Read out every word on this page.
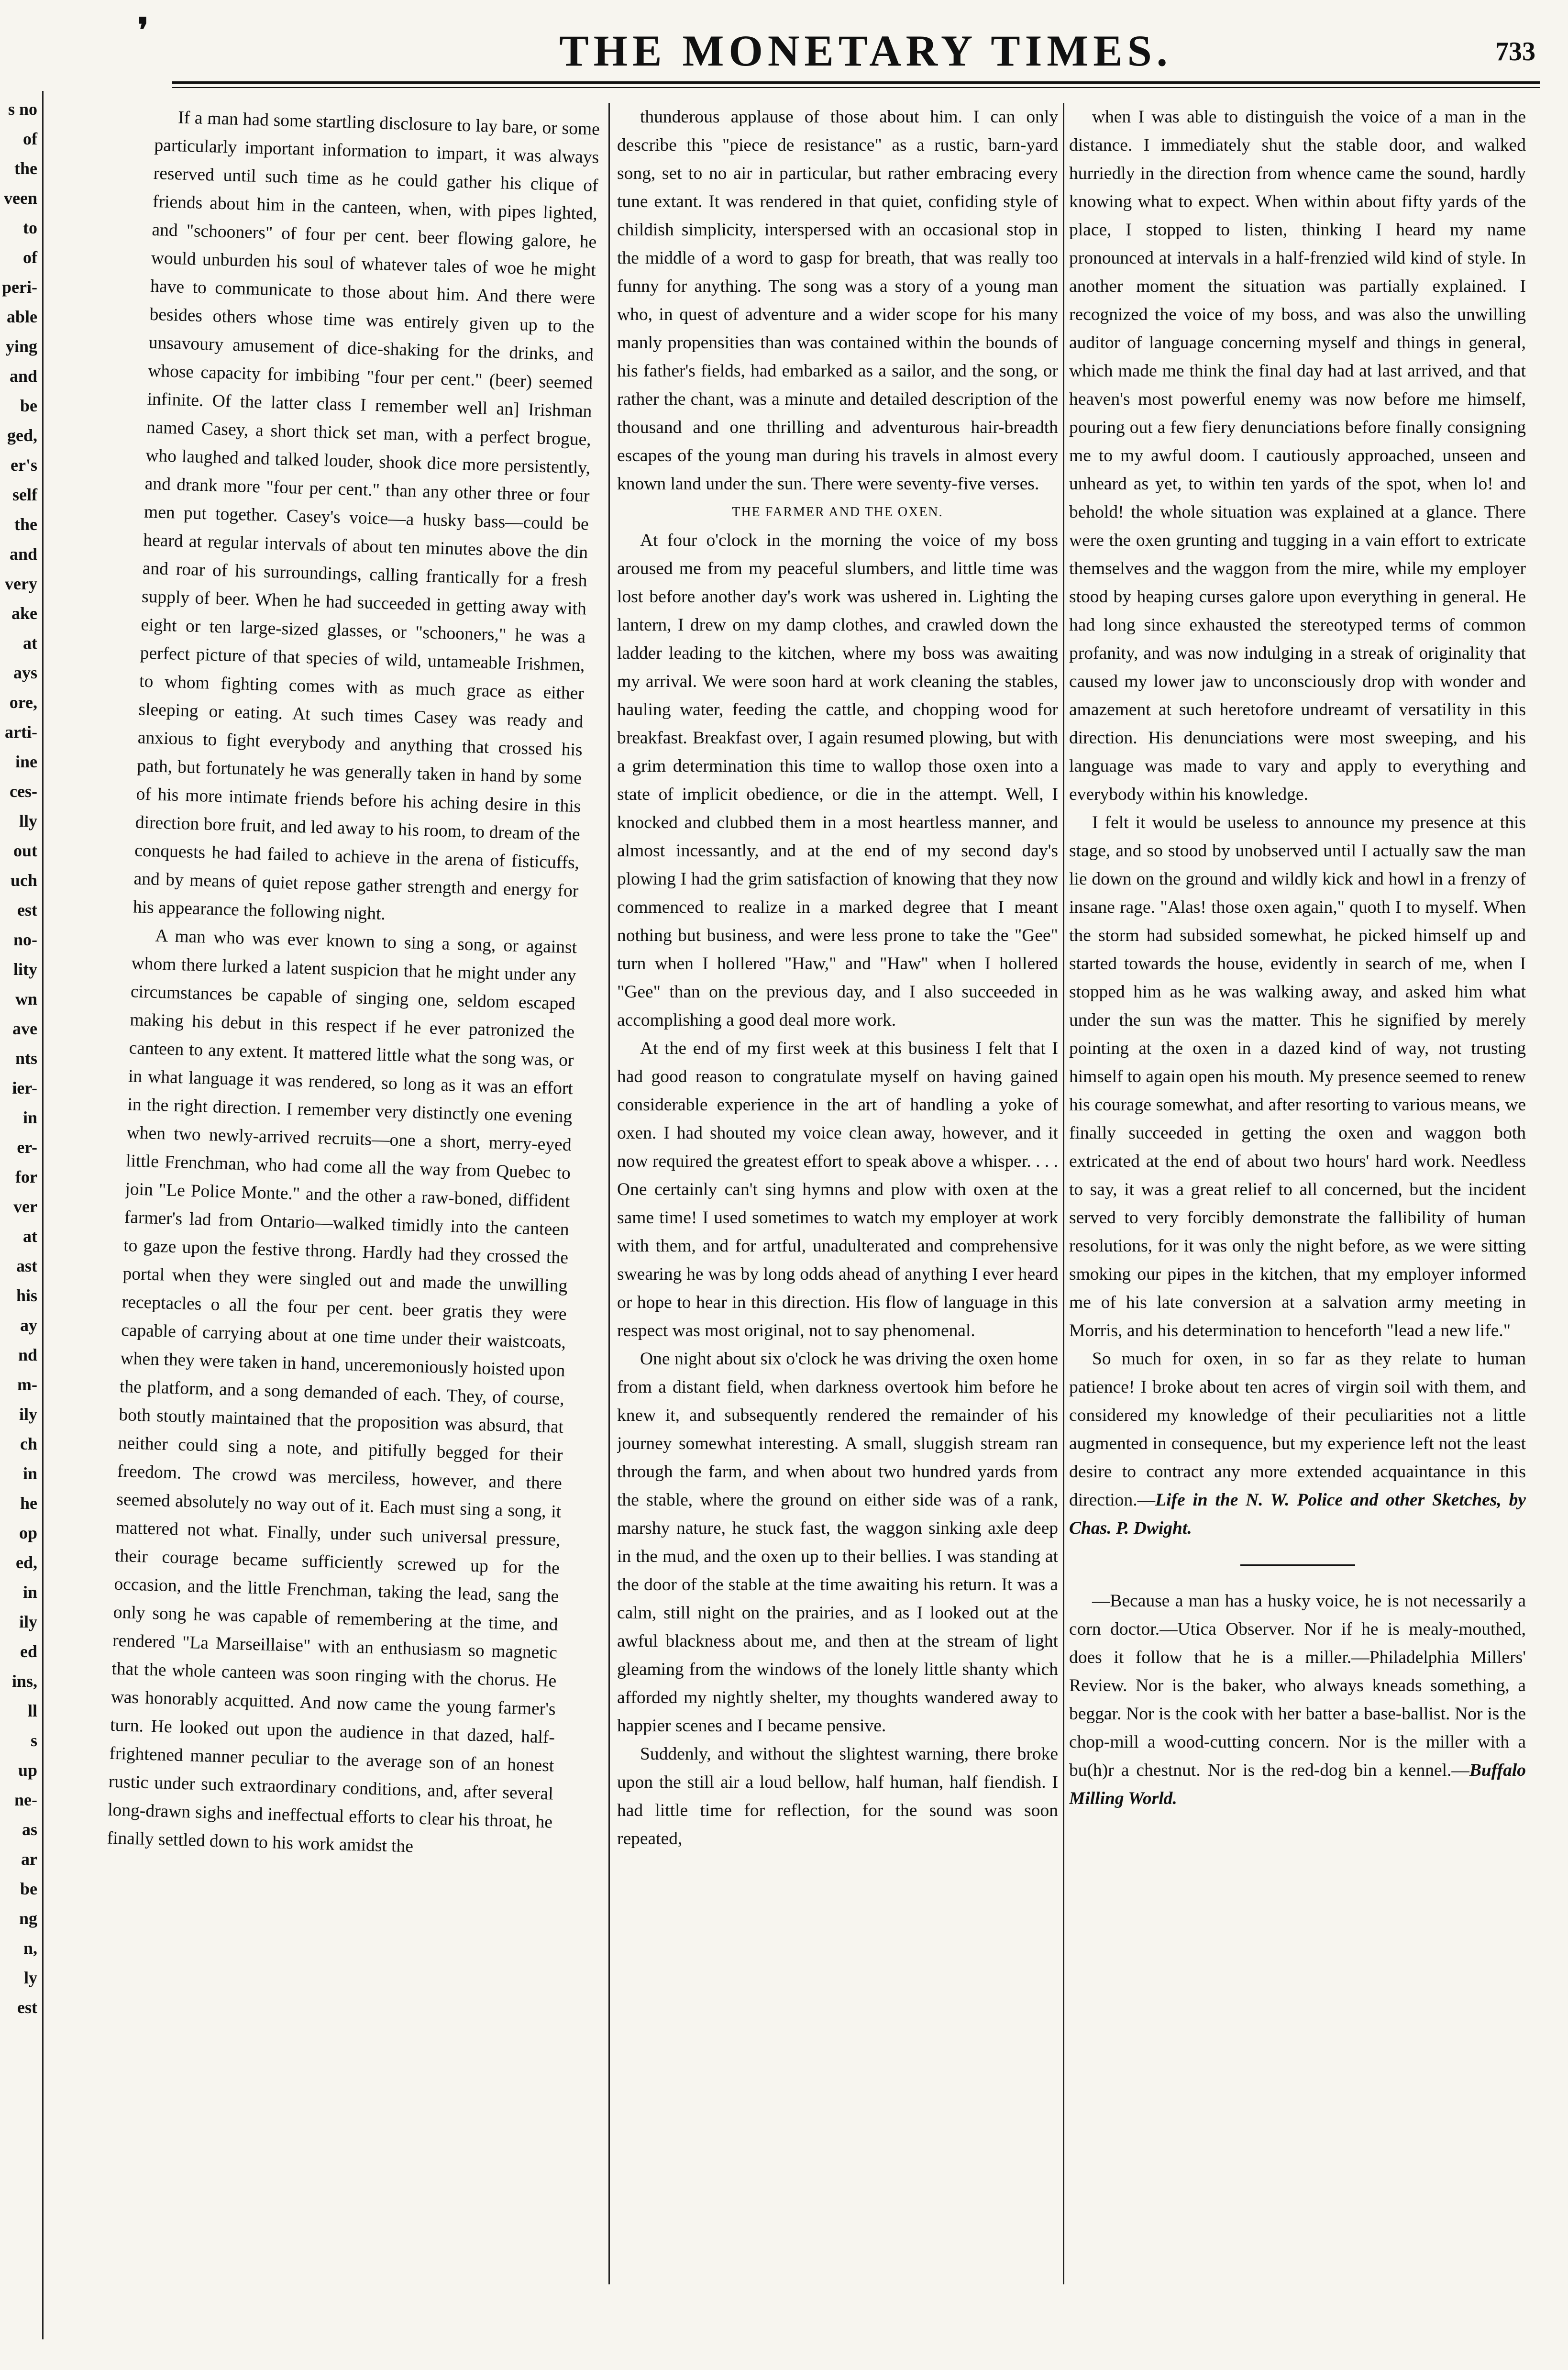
s no
of
the
veen
to
of
peri-
able
ying
and
be
ged,
er's
self
the
and
very
ake
at
ays
ore,
arti-
ine
ces-
lly
out
uch
est
no-
lity
wn
ave
nts
ier-
in
er-
for
ver
at
ast
his
ay
nd
m-
ily
ch
in
he
op
ed,
in
ily
ed
ins,
ll
s
up
ne-
as
ar
be
ng
n,
ly
est
❜	THE MONETARY TIMES.	733

If a man had some startling disclosure to lay bare, or some particularly important information to impart, it was always reserved until such time as he could gather his clique of friends about him in the canteen, when, with pipes lighted, and "schooners" of four per cent. beer flowing galore, he would unburden his soul of whatever tales of woe he might have to communicate to those about him. And there were besides others whose time was entirely given up to the unsavoury amusement of dice-shaking for the drinks, and whose capacity for imbibing "four per cent." (beer) seemed infinite. Of the latter class I remember well an] Irishman named Casey, a short thick set man, with a perfect brogue, who laughed and talked louder, shook dice more persistently, and drank more "four per cent." than any other three or four men put together. Casey's voice—a husky bass—could be heard at regular intervals of about ten minutes above the din and roar of his surroundings, calling frantically for a fresh supply of beer. When he had succeeded in getting away with eight or ten large-sized glasses, or "schooners," he was a perfect picture of that species of wild, untameable Irishmen, to whom fighting comes with as much grace as either sleeping or eating. At such times Casey was ready and anxious to fight everybody and anything that crossed his path, but fortunately he was generally taken in hand by some of his more intimate friends before his aching desire in this direction bore fruit, and led away to his room, to dream of the conquests he had failed to achieve in the arena of fisticuffs, and by means of quiet repose gather strength and energy for his appearance the following night.

A man who was ever known to sing a song, or against whom there lurked a latent suspicion that he might under any circumstances be capable of singing one, seldom escaped making his debut in this respect if he ever patronized the canteen to any extent. It mattered little what the song was, or in what language it was rendered, so long as it was an effort in the right direction. I remember very distinctly one evening when two newly-arrived recruits—one a short, merry-eyed little Frenchman, who had come all the way from Quebec to join "Le Police Monte." and the other a raw-boned, diffident farmer's lad from Ontario—walked timidly into the canteen to gaze upon the festive throng. Hardly had they crossed the portal when they were singled out and made the unwilling receptacles o all the four per cent. beer gratis they were capable of carrying about at one time under their waistcoats, when they were taken in hand, unceremoniously hoisted upon the platform, and a song demanded of each. They, of course, both stoutly maintained that the proposition was absurd, that neither could sing a note, and pitifully begged for their freedom. The crowd was merciless, however, and there seemed absolutely no way out of it. Each must sing a song, it mattered not what. Finally, under such universal pressure, their courage became sufficiently screwed up for the occasion, and the little Frenchman, taking the lead, sang the only song he was capable of remembering at the time, and rendered "La Marseillaise" with an enthusiasm so magnetic that the whole canteen was soon ringing with the chorus. He was honorably acquitted. And now came the young farmer's turn. He looked out upon the audience in that dazed, half-frightened manner peculiar to the average son of an honest rustic under such extraordinary conditions, and, after several long-drawn sighs and ineffectual efforts to clear his throat, he finally settled down to his work amidst the

thunderous applause of those about him. I can only describe this "piece de resistance" as a rustic, barn-yard song, set to no air in particular, but rather embracing every tune extant. It was rendered in that quiet, confiding style of childish simplicity, interspersed with an occasional stop in the middle of a word to gasp for breath, that was really too funny for anything. The song was a story of a young man who, in quest of adventure and a wider scope for his many manly propensities than was contained within the bounds of his father's fields, had embarked as a sailor, and the song, or rather the chant, was a minute and detailed description of the thousand and one thrilling and adventurous hair-breadth escapes of the young man during his travels in almost every known land under the sun. There were seventy-five verses.

THE FARMER AND THE OXEN.

At four o'clock in the morning the voice of my boss aroused me from my peaceful slumbers, and little time was lost before another day's work was ushered in. Lighting the lantern, I drew on my damp clothes, and crawled down the ladder leading to the kitchen, where my boss was awaiting my arrival. We were soon hard at work cleaning the stables, hauling water, feeding the cattle, and chopping wood for breakfast. Breakfast over, I again resumed plowing, but with a grim determination this time to wallop those oxen into a state of implicit obedience, or die in the attempt. Well, I knocked and clubbed them in a most heartless manner, and almost incessantly, and at the end of my second day's plowing I had the grim satisfaction of knowing that they now commenced to realize in a marked degree that I meant nothing but business, and were less prone to take the "Gee" turn when I hollered "Haw," and "Haw" when I hollered "Gee" than on the previous day, and I also succeeded in accomplishing a good deal more work.

At the end of my first week at this business I felt that I had good reason to congratulate myself on having gained considerable experience in the art of handling a yoke of oxen. I had shouted my voice clean away, however, and it now required the greatest effort to speak above a whisper. . . . One certainly can't sing hymns and plow with oxen at the same time! I used sometimes to watch my employer at work with them, and for artful, unadulterated and comprehensive swearing he was by long odds ahead of anything I ever heard or hope to hear in this direction. His flow of language in this respect was most original, not to say phenomenal.

One night about six o'clock he was driving the oxen home from a distant field, when darkness overtook him before he knew it, and subsequently rendered the remainder of his journey somewhat interesting. A small, sluggish stream ran through the farm, and when about two hundred yards from the stable, where the ground on either side was of a rank, marshy nature, he stuck fast, the waggon sinking axle deep in the mud, and the oxen up to their bellies. I was standing at the door of the stable at the time awaiting his return. It was a calm, still night on the prairies, and as I looked out at the awful blackness about me, and then at the stream of light gleaming from the windows of the lonely little shanty which afforded my nightly shelter, my thoughts wandered away to happier scenes and I became pensive.

Suddenly, and without the slightest warning, there broke upon the still air a loud bellow, half human, half fiendish. I had little time for reflection, for the sound was soon repeated,

when I was able to distinguish the voice of a man in the distance. I immediately shut the stable door, and walked hurriedly in the direction from whence came the sound, hardly knowing what to expect. When within about fifty yards of the place, I stopped to listen, thinking I heard my name pronounced at intervals in a half-frenzied wild kind of style. In another moment the situation was partially explained. I recognized the voice of my boss, and was also the unwilling auditor of language concerning myself and things in general, which made me think the final day had at last arrived, and that heaven's most powerful enemy was now before me himself, pouring out a few fiery denunciations before finally consigning me to my awful doom. I cautiously approached, unseen and unheard as yet, to within ten yards of the spot, when lo! and behold! the whole situation was explained at a glance. There were the oxen grunting and tugging in a vain effort to extricate themselves and the waggon from the mire, while my employer stood by heaping curses galore upon everything in general. He had long since exhausted the stereotyped terms of common profanity, and was now indulging in a streak of originality that caused my lower jaw to unconsciously drop with wonder and amazement at such heretofore undreamt of versatility in this direction. His denunciations were most sweeping, and his language was made to vary and apply to everything and everybody within his knowledge.

I felt it would be useless to announce my presence at this stage, and so stood by unobserved until I actually saw the man lie down on the ground and wildly kick and howl in a frenzy of insane rage. "Alas! those oxen again," quoth I to myself. When the storm had subsided somewhat, he picked himself up and started towards the house, evidently in search of me, when I stopped him as he was walking away, and asked him what under the sun was the matter. This he signified by merely pointing at the oxen in a dazed kind of way, not trusting himself to again open his mouth. My presence seemed to renew his courage somewhat, and after resorting to various means, we finally succeeded in getting the oxen and waggon both extricated at the end of about two hours' hard work. Needless to say, it was a great relief to all concerned, but the incident served to very forcibly demonstrate the fallibility of human resolutions, for it was only the night before, as we were sitting smoking our pipes in the kitchen, that my employer informed me of his late conversion at a salvation army meeting in Morris, and his determination to henceforth "lead a new life."

So much for oxen, in so far as they relate to human patience! I broke about ten acres of virgin soil with them, and considered my knowledge of their peculiarities not a little augmented in consequence, but my experience left not the least desire to contract any more extended acquaintance in this direction.—Life in the N. W. Police and other Sketches, by Chas. P. Dwight.

—Because a man has a husky voice, he is not necessarily a corn doctor.—Utica Observer. Nor if he is mealy-mouthed, does it follow that he is a miller.—Philadelphia Millers' Review. Nor is the baker, who always kneads something, a beggar. Nor is the cook with her batter a base-ballist. Nor is the chop-mill a wood-cutting concern. Nor is the miller with a bu(h)r a chestnut. Nor is the red-dog bin a kennel.—Buffalo Milling World.
